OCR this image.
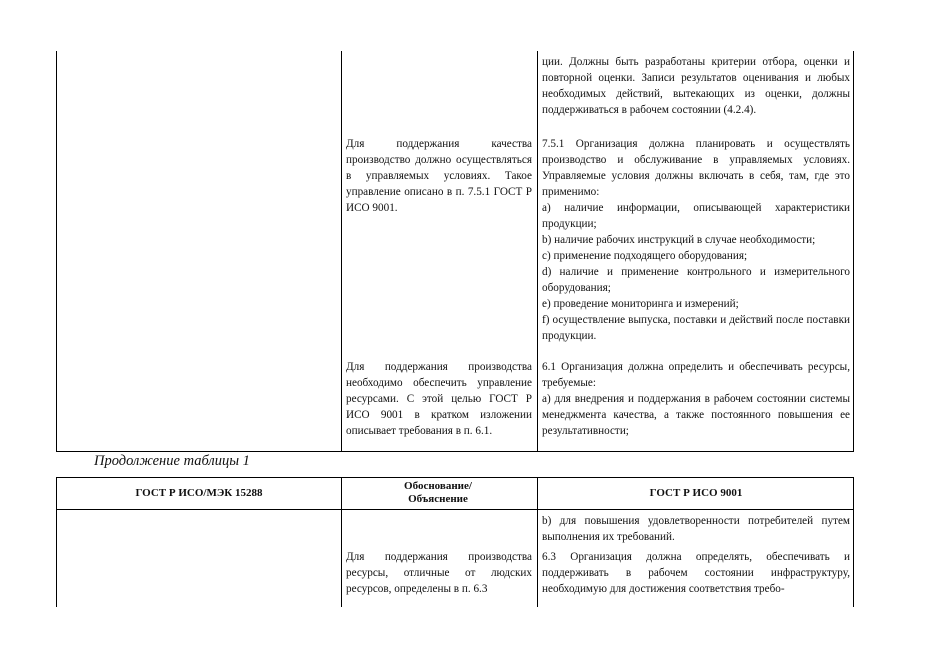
ции. Должны быть разработаны критерии отбора, оценки и повторной оценки. Записи результатов оценивания и любых необходимых действий, вытекающих из оценки, должны поддерживаться в рабочем состоянии (4.2.4).

Для поддержания качества производство должно осуществляться в управляемых условиях. Такое управление описано в п. 7.5.1 ГОСТ Р ИСО 9001.

7.5.1 Организация должна планировать и осуществлять производство и обслуживание в управляемых условиях. Управляемые условия должны включать в себя, там, где это применимо:

a) наличие информации, описывающей характеристики продукции;

b) наличие рабочих инструкций в случае необходимости;

c) применение подходящего оборудования;

d) наличие и применение контрольного и измерительного оборудования;

e) проведение мониторинга и измерений;

f) осуществление выпуска, поставки и действий после поставки продукции.

Для поддержания производства необходимо обеспечить управление ресурсами. С этой целью ГОСТ Р ИСО 9001 в кратком изложении описывает требования в п. 6.1.

6.1 Организация должна определить и обеспечивать ресурсы, требуемые:

a) для внедрения и поддержания в рабочем состоянии системы менеджмента качества, а также постоянного повышения ее результативности;

Продолжение таблицы 1
ГОСТ Р ИСО/МЭК 15288
Обоснование/ Объяснение	ГОСТ Р ИСО 9001

b) для повышения удовлетворенности потребителей путем выполнения их требований.

Для поддержания производства ресурсы, отличные от людских ресурсов, определены в п. 6.3

6.3 Организация должна определять, обеспечивать и поддерживать в рабочем состоянии инфраструктуру, необходимую для достижения соответствия требо-
